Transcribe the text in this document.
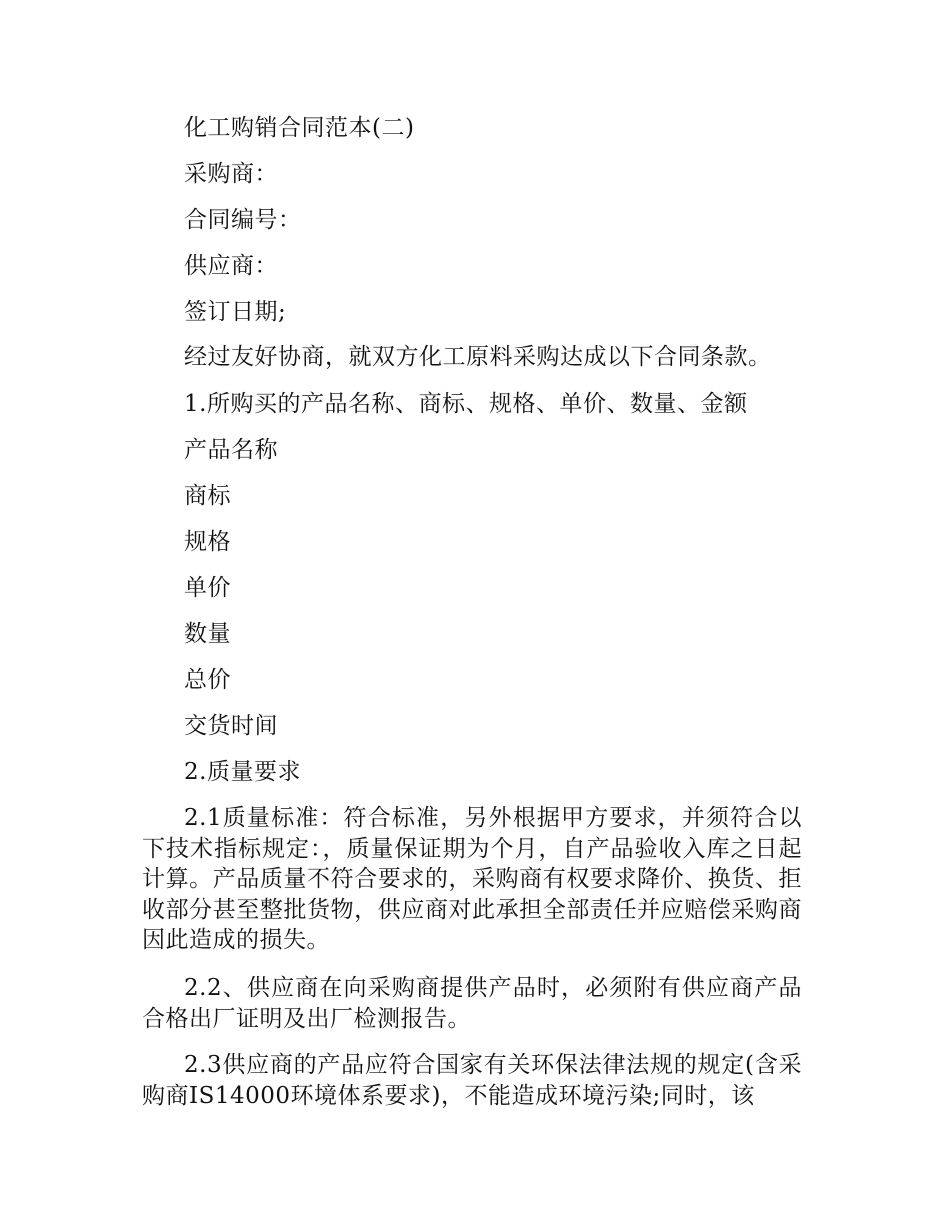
化工购销合同范本(二)
采购商：
合同编号：
供应商：
签订日期;
经过友好协商，就双方化工原料采购达成以下合同条款。
1.所购买的产品名称、商标、规格、单价、数量、金额
产品名称
商标
规格
单价
数量
总价
交货时间
2.质量要求
2.1质量标准：符合标准，另外根据甲方要求，并须符合以下技术指标规定：，质量保证期为个月，自产品验收入库之日起计算。产品质量不符合要求的，采购商有权要求降价、换货、拒收部分甚至整批货物，供应商对此承担全部责任并应赔偿采购商因此造成的损失。
2.2、供应商在向采购商提供产品时，必须附有供应商产品合格出厂证明及出厂检测报告。
2.3供应商的产品应符合国家有关环保法律法规的规定(含采购商IS14000环境体系要求)，不能造成环境污染;同时，该
